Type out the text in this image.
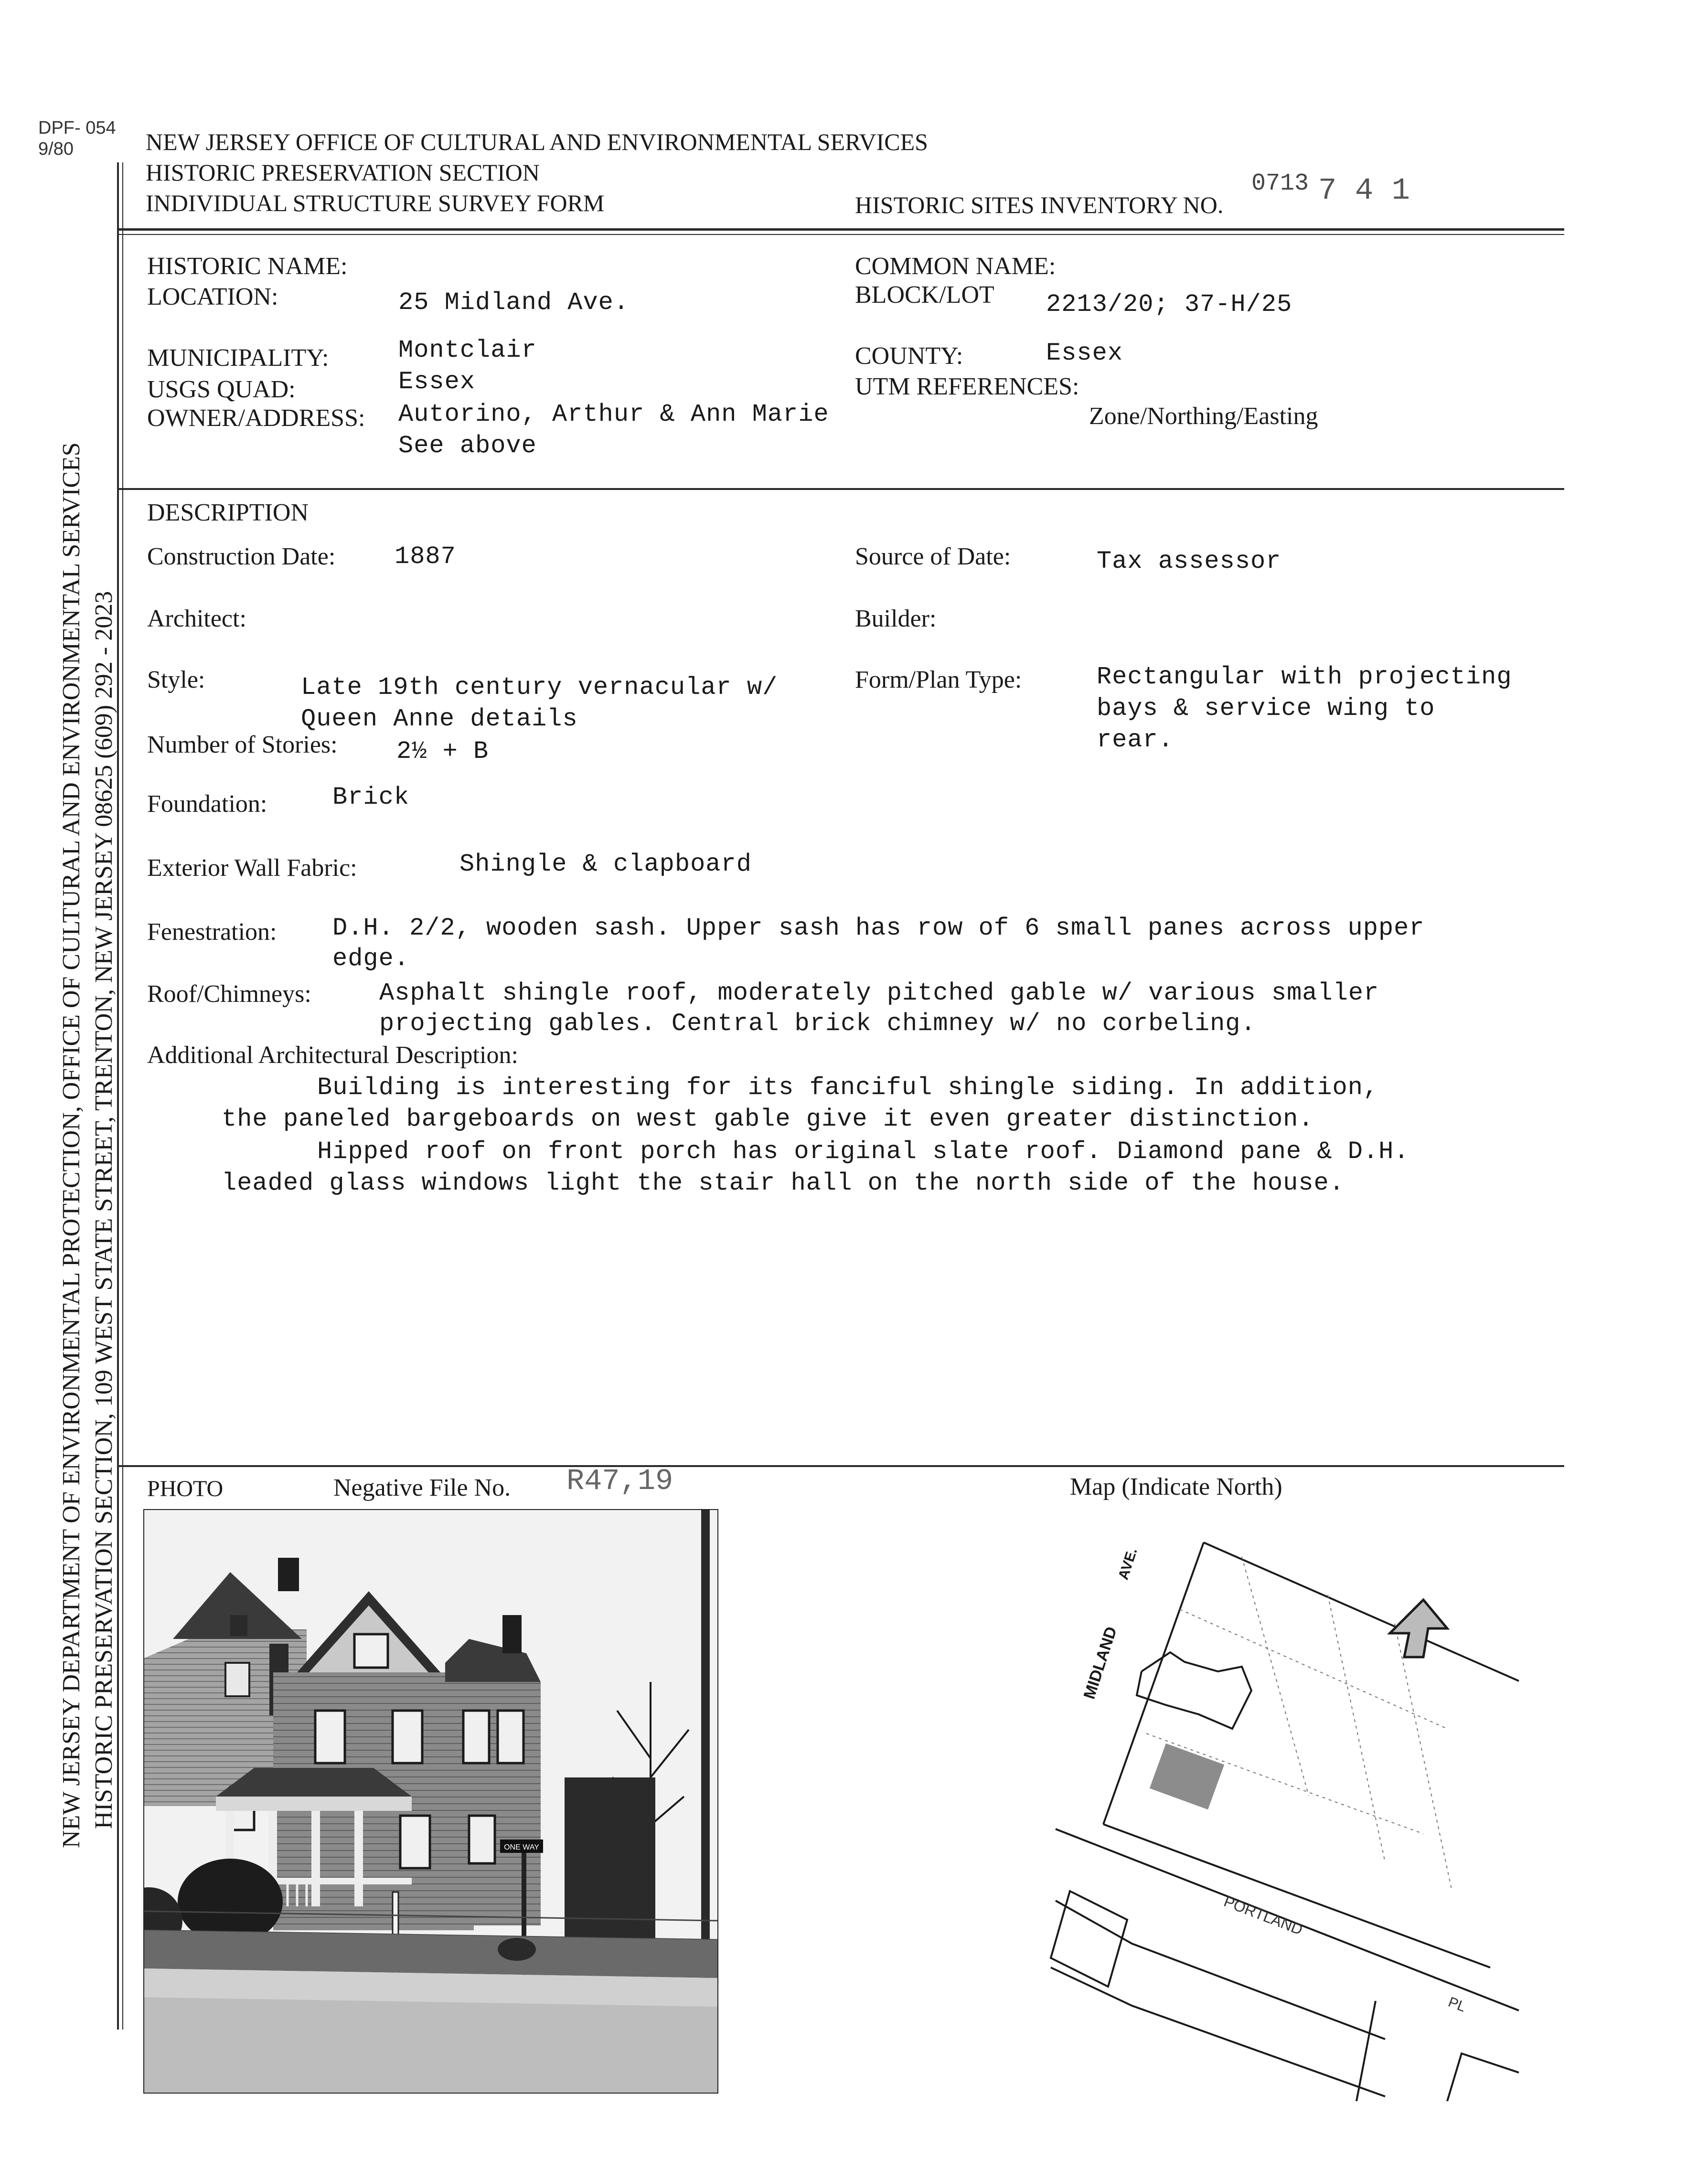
DPF- 054
9/80	NEW JERSEY OFFICE OF CULTURAL AND ENVIRONMENTAL SERVICES
HISTORIC PRESERVATION SECTION
INDIVIDUAL STRUCTURE SURVEY FORM	HISTORIC SITES INVENTORY NO.
0713 7 4 1
NEW JERSEY DEPARTMENT OF ENVIRONMENTAL PROTECTION, OFFICE OF CULTURAL AND ENVIRONMENTAL SERVICES HISTORIC PRESERVATION SECTION, 109 WEST STATE STREET, TRENTON, NEW JERSEY 08625 (609) 292 - 2023
HISTORIC NAME:
LOCATION:	25 Midland Ave.
MUNICIPALITY:	Montclair
USGS QUAD:	Essex
OWNER/ADDRESS: Autorino, Arthur & Ann Marie
See above
COMMON NAME:
BLOCK/LOT 2213/20; 37-H/25
COUNTY:	Essex
UTM REFERENCES:
Zone/Northing/Easting
DESCRIPTION
Construction Date: 1887	Source of Date:	Tax assessor
Architect:	Builder:
Style:	Late 19th century vernacular w/
Queen Anne details
Form/Plan Type:	Rectangular with projecting
bays & service wing to
rear.
Number of Stories: 2½ + B
Foundation:	Brick
Exterior Wall Fabric:	Shingle & clapboard
Fenestration: D.H. 2/2, wooden sash. Upper sash has row of 6 small panes across upper
edge.
Roof/Chimneys:	Asphalt shingle roof, moderately pitched gable w/ various smaller
projecting gables. Central brick chimney w/ no corbeling.
Additional Architectural Description:
Building is interesting for its fanciful shingle siding. In addition,
the paneled bargeboards on west gable give it even greater distinction.
Hipped roof on front porch has original slate roof. Diamond pane & D.H.
leaded glass windows light the stair hall on the north side of the house.
PHOTO	Negative File No. R47,19	Map (Indicate North)
ONE WAY
MIDLAND
AVE.
PORTLAND
PL
